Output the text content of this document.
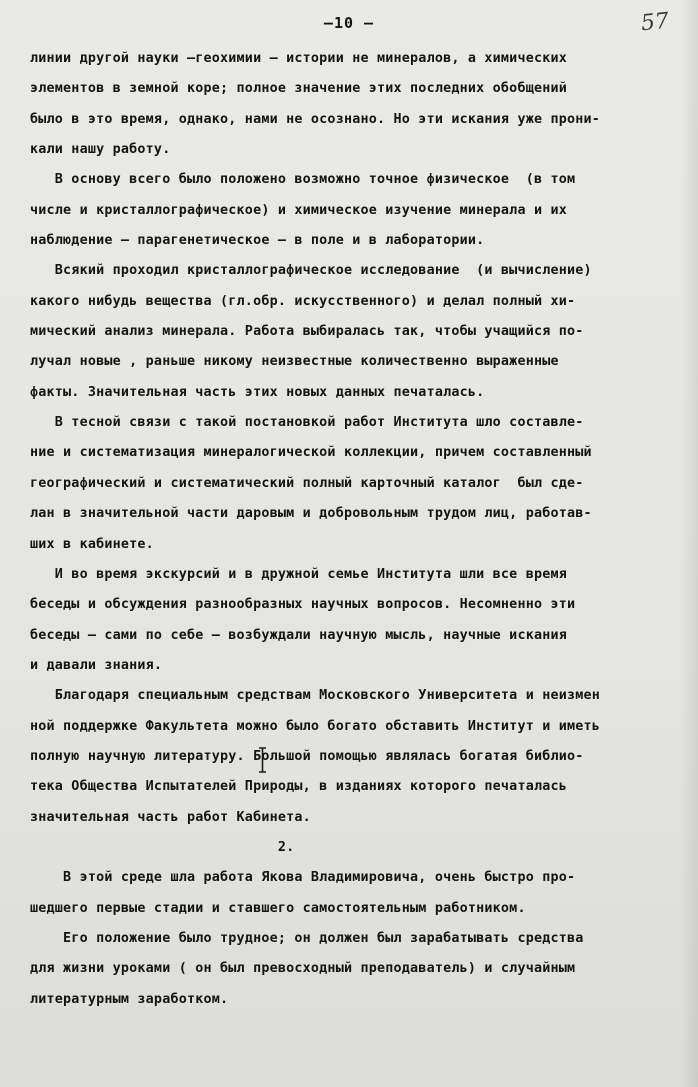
—10 —	57
линии другой науки —геохимии — истории не минералов, а химических
элементов в земной коре; полное значение этих последних обобщений
было в это время, однако, нами не осознано. Но эти искания уже прони-
кали нашу работу.
В основу всего было положено возможно точное физическое  (в том
числе и кристаллографическое) и химическое изучение минерала и их
наблюдение — парагенетическое — в поле и в лаборатории.
Всякий проходил кристаллографическое исследование  (и вычисление)
какого нибудь вещества (гл.обр. искусственного) и делал полный хи-
мический анализ минерала. Работа выбиралась так, чтобы учащийся по-
лучал новые , раньше никому неизвестные количественно выраженные
факты. Значительная часть этих новых данных печаталась.
В тесной связи с такой постановкой работ Института шло составле-
ние и систематизация минералогической коллекции, причем составленный
географический и систематический полный карточный каталог  был сде-
лан в значительной части даровым и добровольным трудом лиц, работав-
ших в кабинете.
И во время экскурсий и в дружной семье Института шли все время
беседы и обсуждения разнообразных научных вопросов. Несомненно эти
беседы — сами по себе — возбуждали научную мысль, научные искания
и давали знания.
Благодаря специальным средствам Московского Университета и неизмен
ной поддержке Факультета можно было богато обставить Институт и иметь
полную научную литературу. Большой помощью являлась богатая библио-
тека Общества Испытателей Природы, в изданиях которого печаталась
значительная часть работ Кабинета.
2.
В этой среде шла работа Якова Владимировича, очень быстро про-
шедшего первые стадии и ставшего самостоятельным работником.
Его положение было трудное; он должен был зарабатывать средства
для жизни уроками ( он был превосходный преподаватель) и случайным
литературным заработком.
